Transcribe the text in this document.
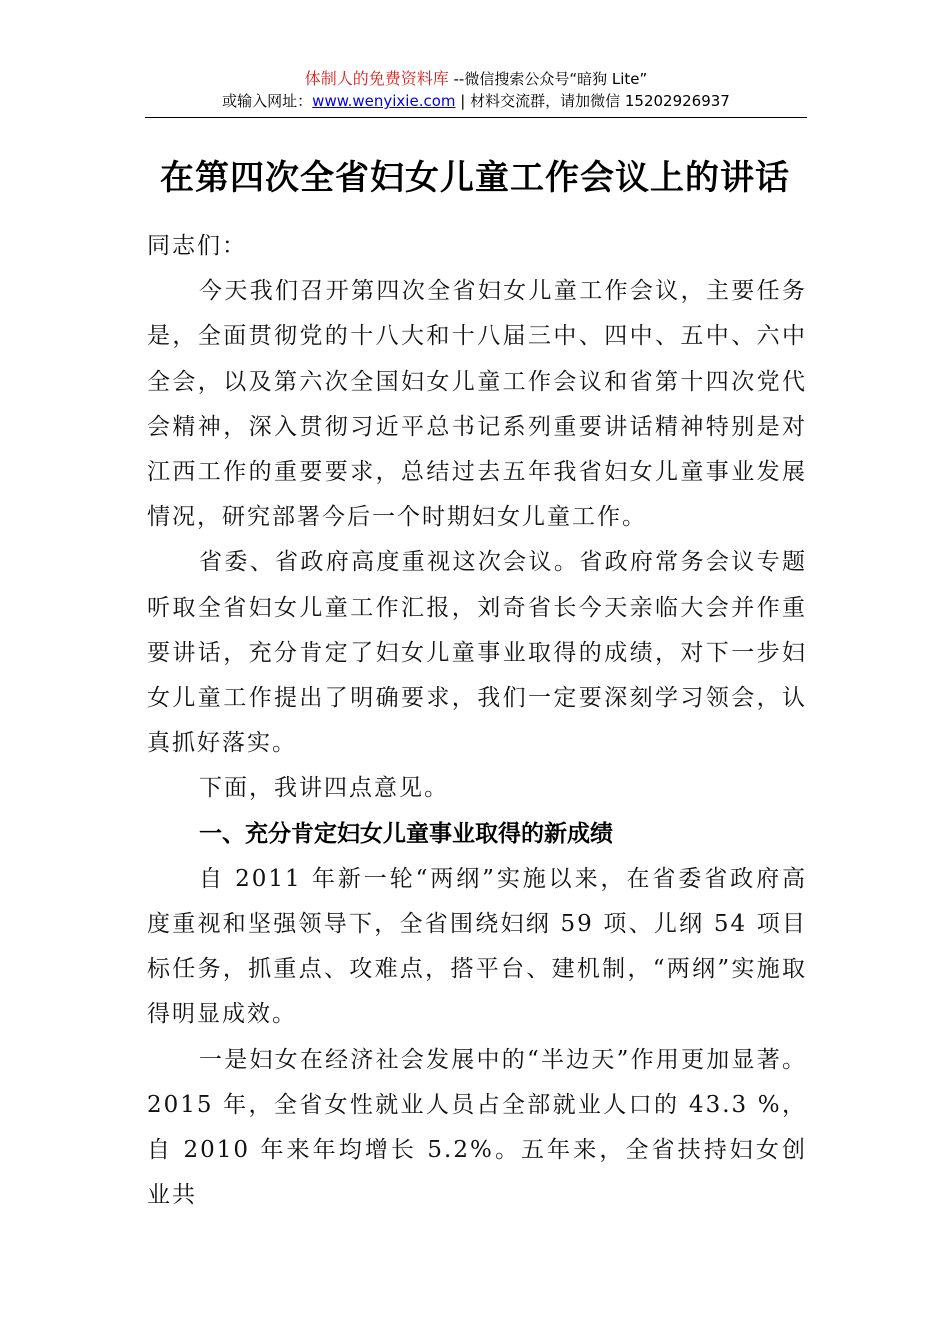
体制人的免费资料库 --微信搜索公众号“暗狗 Lite”
或输入网址：www.wenyixie.com | 材料交流群，请加微信 15202926937
在第四次全省妇女儿童工作会议上的讲话

同志们：

今天我们召开第四次全省妇女儿童工作会议，主要任务是，全面贯彻党的十八大和十八届三中、四中、五中、六中全会，以及第六次全国妇女儿童工作会议和省第十四次党代会精神，深入贯彻习近平总书记系列重要讲话精神特别是对江西工作的重要要求，总结过去五年我省妇女儿童事业发展情况，研究部署今后一个时期妇女儿童工作。

省委、省政府高度重视这次会议。省政府常务会议专题听取全省妇女儿童工作汇报，刘奇省长今天亲临大会并作重要讲话，充分肯定了妇女儿童事业取得的成绩，对下一步妇女儿童工作提出了明确要求，我们一定要深刻学习领会，认真抓好落实。

下面，我讲四点意见。

一、充分肯定妇女儿童事业取得的新成绩

自 2011 年新一轮“两纲”实施以来，在省委省政府高度重视和坚强领导下，全省围绕妇纲 59 项、儿纲 54 项目标任务，抓重点、攻难点，搭平台、建机制，“两纲”实施取得明显成效。

一是妇女在经济社会发展中的“半边天”作用更加显著。2015 年，全省女性就业人员占全部就业人口的 43.3 %，自 2010 年来年均增长 5.2%。五年来，全省扶持妇女创业共
